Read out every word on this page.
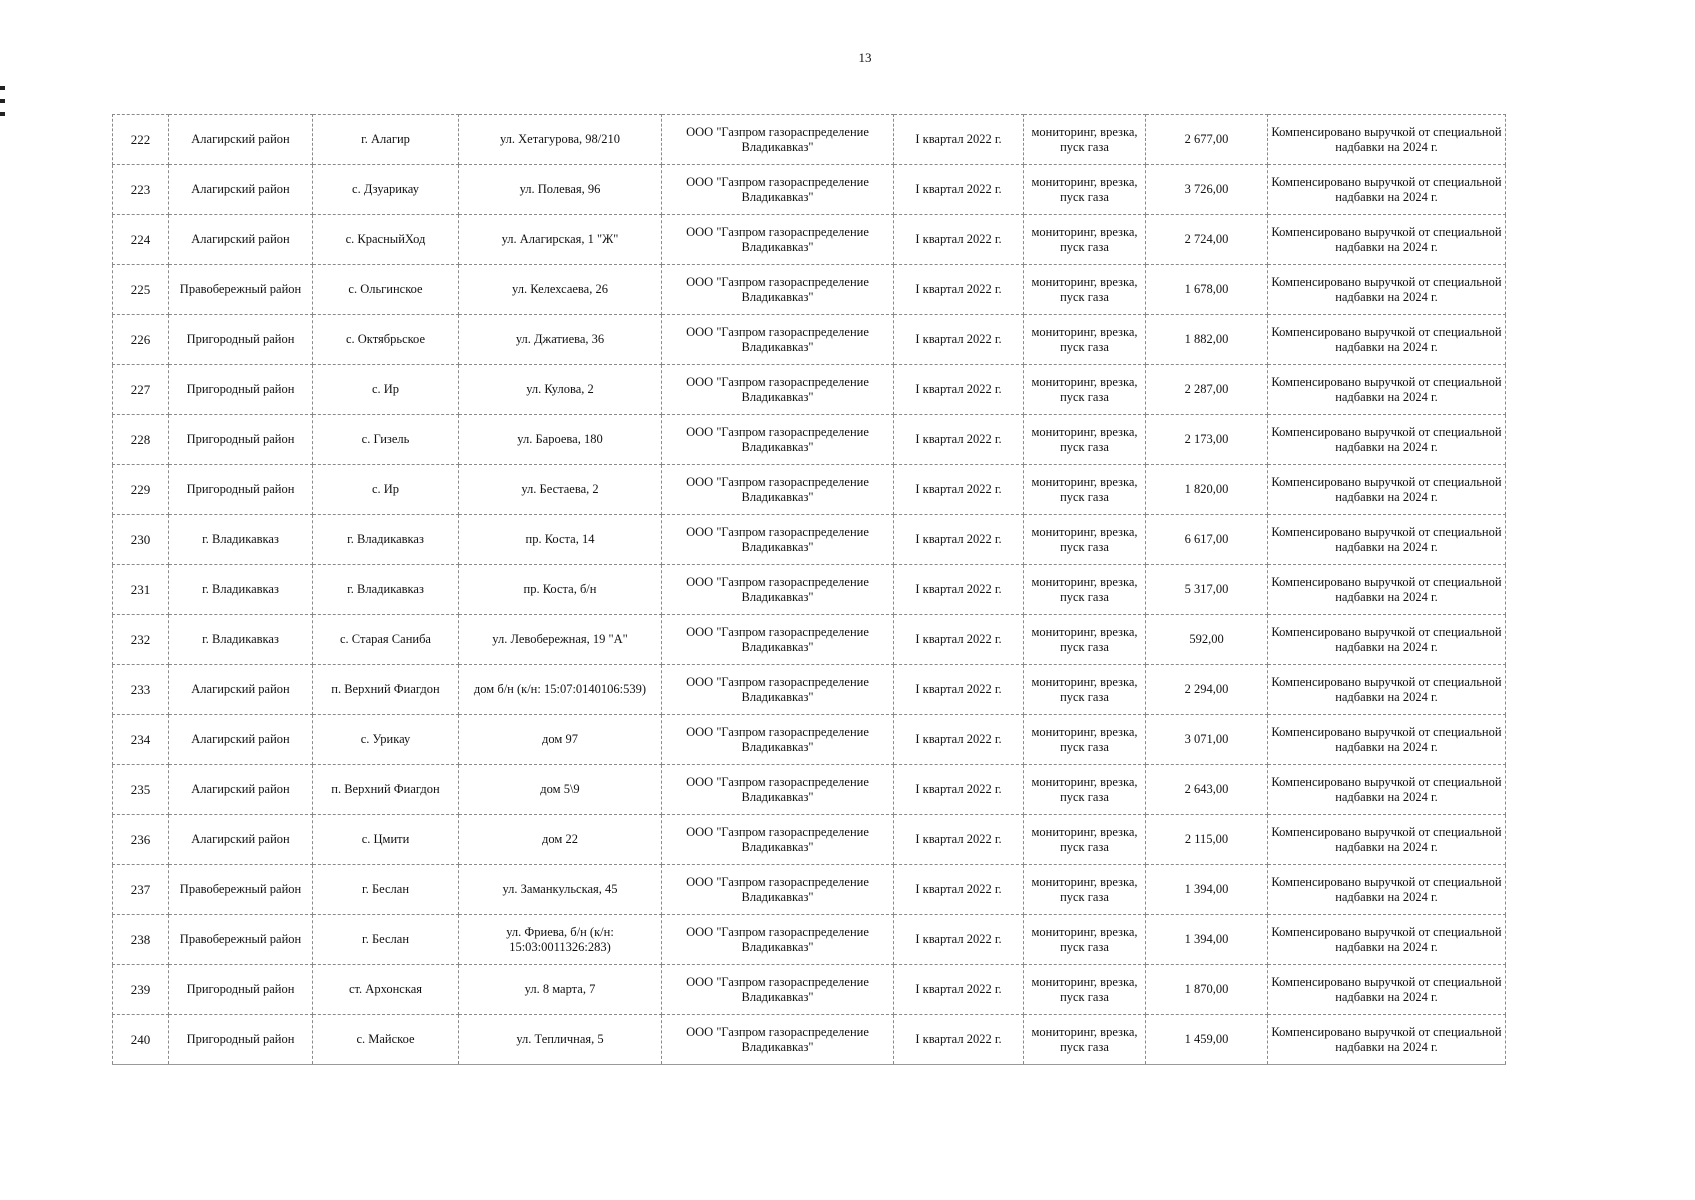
13
222	Алагирский район	г. Алагир	ул. Хетагурова, 98/210	ООО "Газпром газораспределение Владикавказ"	I квартал 2022 г.	мониторинг, врезка, пуск газа	2 677,00	Компенсировано выручкой от специальной надбавки на 2024 г.
223	Алагирский район	с. Дзуарикау	ул. Полевая, 96	ООО "Газпром газораспределение Владикавказ"	I квартал 2022 г.	мониторинг, врезка, пуск газа	3 726,00	Компенсировано выручкой от специальной надбавки на 2024 г.
224	Алагирский район	с. КрасныйХод	ул. Алагирская, 1 "Ж"	ООО "Газпром газораспределение Владикавказ"	I квартал 2022 г.	мониторинг, врезка, пуск газа	2 724,00	Компенсировано выручкой от специальной надбавки на 2024 г.
225	Правобережный район	с. Ольгинское	ул. Келехсаева, 26	ООО "Газпром газораспределение Владикавказ"	I квартал 2022 г.	мониторинг, врезка, пуск газа	1 678,00	Компенсировано выручкой от специальной надбавки на 2024 г.
226	Пригородный район	с. Октябрьское	ул. Джатиева, 36	ООО "Газпром газораспределение Владикавказ"	I квартал 2022 г.	мониторинг, врезка, пуск газа	1 882,00	Компенсировано выручкой от специальной надбавки на 2024 г.
227	Пригородный район	с. Ир	ул. Кулова, 2	ООО "Газпром газораспределение Владикавказ"	I квартал 2022 г.	мониторинг, врезка, пуск газа	2 287,00	Компенсировано выручкой от специальной надбавки на 2024 г.
228	Пригородный район	с. Гизель	ул. Бароева, 180	ООО "Газпром газораспределение Владикавказ"	I квартал 2022 г.	мониторинг, врезка, пуск газа	2 173,00	Компенсировано выручкой от специальной надбавки на 2024 г.
229	Пригородный район	с. Ир	ул. Бестаева, 2	ООО "Газпром газораспределение Владикавказ"	I квартал 2022 г.	мониторинг, врезка, пуск газа	1 820,00	Компенсировано выручкой от специальной надбавки на 2024 г.
230	г. Владикавказ	г. Владикавказ	пр. Коста, 14	ООО "Газпром газораспределение Владикавказ"	I квартал 2022 г.	мониторинг, врезка, пуск газа	6 617,00	Компенсировано выручкой от специальной надбавки на 2024 г.
231	г. Владикавказ	г. Владикавказ	пр. Коста, б/н	ООО "Газпром газораспределение Владикавказ"	I квартал 2022 г.	мониторинг, врезка, пуск газа	5 317,00	Компенсировано выручкой от специальной надбавки на 2024 г.
232	г. Владикавказ	с. Старая Саниба	ул. Левобережная, 19 "А"	ООО "Газпром газораспределение Владикавказ"	I квартал 2022 г.	мониторинг, врезка, пуск газа	592,00	Компенсировано выручкой от специальной надбавки на 2024 г.
233	Алагирский район	п. Верхний Фиагдон	дом б/н (к/н: 15:07:0140106:539)	ООО "Газпром газораспределение Владикавказ"	I квартал 2022 г.	мониторинг, врезка, пуск газа	2 294,00	Компенсировано выручкой от специальной надбавки на 2024 г.
234	Алагирский район	с. Урикау	дом 97	ООО "Газпром газораспределение Владикавказ"	I квартал 2022 г.	мониторинг, врезка, пуск газа	3 071,00	Компенсировано выручкой от специальной надбавки на 2024 г.
235	Алагирский район	п. Верхний Фиагдон	дом 5\9	ООО "Газпром газораспределение Владикавказ"	I квартал 2022 г.	мониторинг, врезка, пуск газа	2 643,00	Компенсировано выручкой от специальной надбавки на 2024 г.
236	Алагирский район	с. Цмити	дом 22	ООО "Газпром газораспределение Владикавказ"	I квартал 2022 г.	мониторинг, врезка, пуск газа	2 115,00	Компенсировано выручкой от специальной надбавки на 2024 г.
237	Правобережный район	г. Беслан	ул. Заманкульская, 45	ООО "Газпром газораспределение Владикавказ"	I квартал 2022 г.	мониторинг, врезка, пуск газа	1 394,00	Компенсировано выручкой от специальной надбавки на 2024 г.
238	Правобережный район	г. Беслан	ул. Фриева, б/н (к/н: 15:03:0011326:283)	ООО "Газпром газораспределение Владикавказ"	I квартал 2022 г.	мониторинг, врезка, пуск газа	1 394,00	Компенсировано выручкой от специальной надбавки на 2024 г.
239	Пригородный район	ст. Архонская	ул. 8 марта, 7	ООО "Газпром газораспределение Владикавказ"	I квартал 2022 г.	мониторинг, врезка, пуск газа	1 870,00	Компенсировано выручкой от специальной надбавки на 2024 г.
240	Пригородный район	с. Майское	ул. Тепличная, 5	ООО "Газпром газораспределение Владикавказ"	I квартал 2022 г.	мониторинг, врезка, пуск газа	1 459,00	Компенсировано выручкой от специальной надбавки на 2024 г.
